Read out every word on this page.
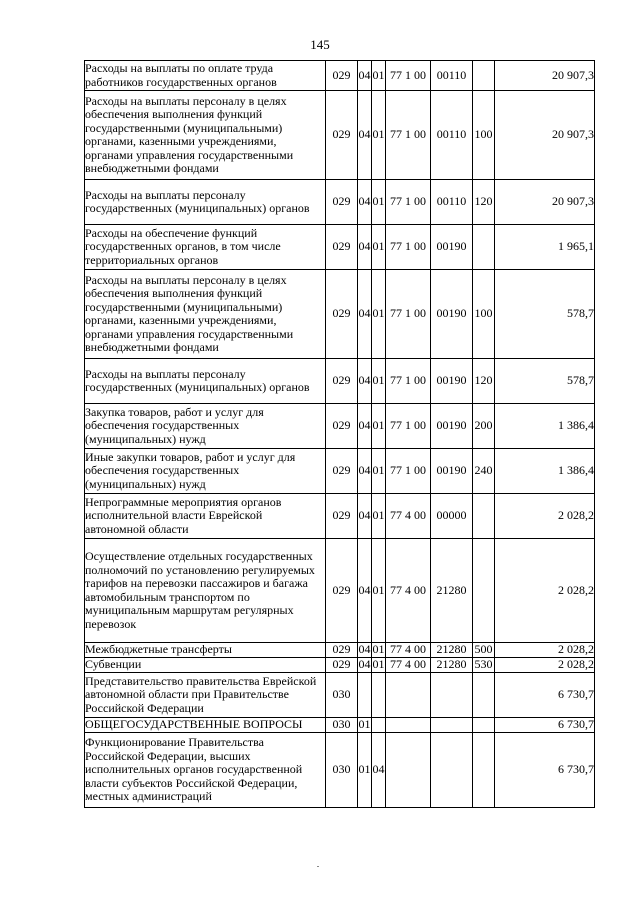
145
Расходы на выплаты по оплате труда работников государственных органов	029	04	01	77 1 00	00110		20 907,3
Расходы на выплаты персоналу в целях обеспечения выполнения функций государственными (муниципальными) органами, казенными учреждениями, органами управления государственными внебюджетными фондами	029	04	01	77 1 00	00110	100	20 907,3
Расходы на выплаты персоналу государственных (муниципальных) органов	029	04	01	77 1 00	00110	120	20 907,3
Расходы на обеспечение функций государственных органов, в том числе территориальных органов	029	04	01	77 1 00	00190		1 965,1
Расходы на выплаты персоналу в целях обеспечения выполнения функций государственными (муниципальными) органами, казенными учреждениями, органами управления государственными внебюджетными фондами	029	04	01	77 1 00	00190	100	578,7
Расходы на выплаты персоналу государственных (муниципальных) органов	029	04	01	77 1 00	00190	120	578,7
Закупка товаров, работ и услуг для обеспечения государственных (муниципальных) нужд	029	04	01	77 1 00	00190	200	1 386,4
Иные закупки товаров, работ и услуг для обеспечения государственных (муниципальных) нужд	029	04	01	77 1 00	00190	240	1 386,4
Непрограммные мероприятия органов исполнительной власти Еврейской автономной области	029	04	01	77 4 00	00000		2 028,2
Осуществление отдельных государственных полномочий по установлению регулируемых тарифов на перевозки пассажиров и багажа автомобильным транспортом по муниципальным маршрутам регулярных перевозок	029	04	01	77 4 00	21280		2 028,2
Межбюджетные трансферты	029	04	01	77 4 00	21280	500	2 028,2
Субвенции	029	04	01	77 4 00	21280	530	2 028,2
Представительство правительства Еврейской автономной области при Правительстве Российской Федерации	030						6 730,7
ОБЩЕГОСУДАРСТВЕННЫЕ ВОПРОСЫ	030	01					6 730,7
Функционирование Правительства Российской Федерации, высших исполнительных органов государственной власти субъектов Российской Федерации, местных администраций	030	01	04				6 730,7
